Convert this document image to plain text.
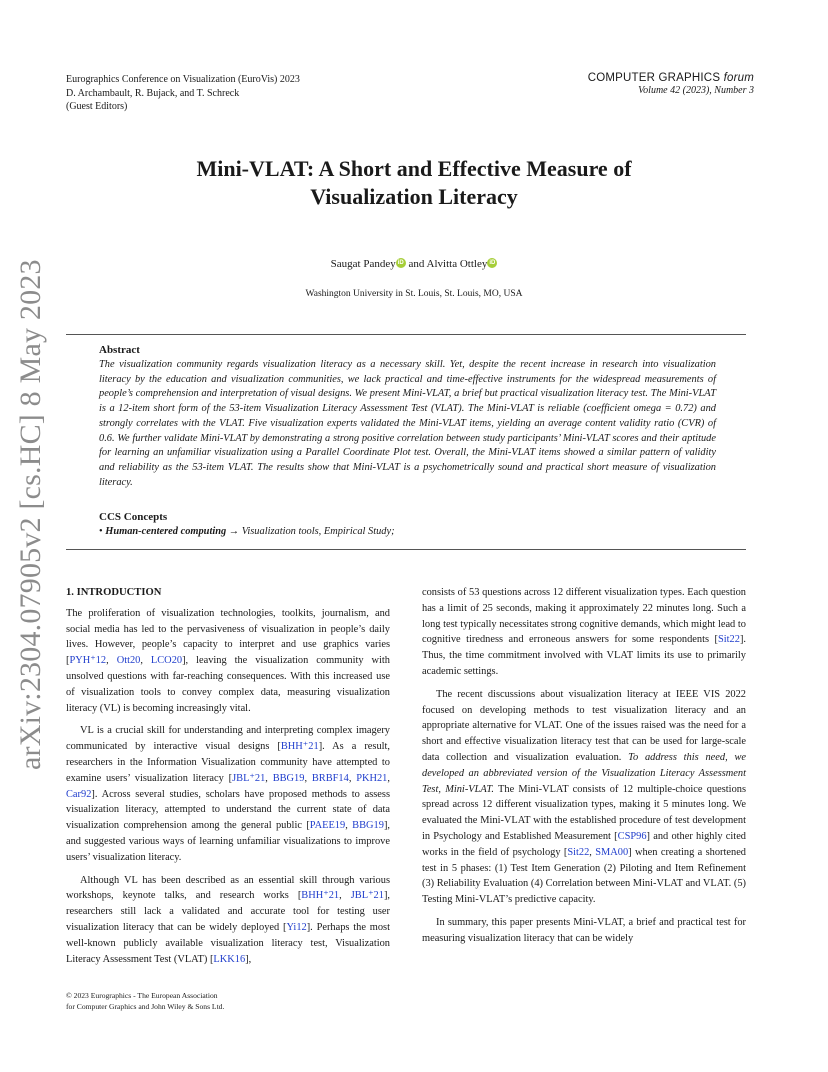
Eurographics Conference on Visualization (EuroVis) 2023
D. Archambault, R. Bujack, and T. Schreck
(Guest Editors)
COMPUTER GRAPHICS forum
Volume 42 (2023), Number 3
arXiv:2304.07905v2 [cs.HC] 8 May 2023
Mini-VLAT: A Short and Effective Measure of
Visualization Literacy
Saugat Pandey iD and Alvitta Ottley iD
Washington University in St. Louis, St. Louis, MO, USA
Abstract
The visualization community regards visualization literacy as a necessary skill. Yet, despite the recent increase in research into visualization literacy by the education and visualization communities, we lack practical and time-effective instruments for the widespread measurements of people’s comprehension and interpretation of visual designs. We present Mini-VLAT, a brief but practical visualization literacy test. The Mini-VLAT is a 12-item short form of the 53-item Visualization Literacy Assessment Test (VLAT). The Mini-VLAT is reliable (coefficient omega = 0.72) and strongly correlates with the VLAT. Five visualization experts validated the Mini-VLAT items, yielding an average content validity ratio (CVR) of 0.6. We further validate Mini-VLAT by demonstrating a strong positive correlation between study participants’ Mini-VLAT scores and their aptitude for learning an unfamiliar visualization using a Parallel Coordinate Plot test. Overall, the Mini-VLAT items showed a similar pattern of validity and reliability as the 53-item VLAT. The results show that Mini-VLAT is a psychometrically sound and practical short measure of visualization literacy.
CCS Concepts
• Human-centered computing → Visualization tools, Empirical Study;
1. INTRODUCTION

The proliferation of visualization technologies, toolkits, journalism, and social media has led to the pervasiveness of visualization in people’s daily lives. However, people’s capacity to interpret and use graphics varies [PYH⁺12, Ott20, LCO20], leaving the visualization community with unsolved questions with far-reaching consequences. With this increased use of visualization tools to convey complex data, measuring visualization literacy (VL) is becoming increasingly vital.

VL is a crucial skill for understanding and interpreting complex imagery communicated by interactive visual designs [BHH⁺21]. As a result, researchers in the Information Visualization community have attempted to examine users’ visualization literacy [JBL⁺21, BBG19, BRBF14, PKH21, Car92]. Across several studies, scholars have proposed methods to assess visualization literacy, attempted to understand the current state of data visualization comprehension among the general public [PAEE19, BBG19], and suggested various ways of learning unfamiliar visualizations to improve users’ visualization literacy.

Although VL has been described as an essential skill through various workshops, keynote talks, and research works [BHH⁺21, JBL⁺21], researchers still lack a validated and accurate tool for testing user visualization literacy that can be widely deployed [Yi12]. Perhaps the most well-known publicly available visualization literacy test, Visualization Literacy Assessment Test (VLAT) [LKK16],

consists of 53 questions across 12 different visualization types. Each question has a limit of 25 seconds, making it approximately 22 minutes long. Such a long test typically necessitates strong cognitive demands, which might lead to cognitive tiredness and erroneous answers for some respondents [Sit22]. Thus, the time commitment involved with VLAT limits its use to primarily academic settings.

The recent discussions about visualization literacy at IEEE VIS 2022 focused on developing methods to test visualization literacy and an appropriate alternative for VLAT. One of the issues raised was the need for a short and effective visualization literacy test that can be used for large-scale data collection and visualization evaluation. To address this need, we developed an abbreviated version of the Visualization Literacy Assessment Test, Mini-VLAT. The Mini-VLAT consists of 12 multiple-choice questions spread across 12 different visualization types, making it 5 minutes long. We evaluated the Mini-VLAT with the established procedure of test development in Psychology and Established Measurement [CSP96] and other highly cited works in the field of psychology [Sit22, SMA00] when creating a shortened test in 5 phases: (1) Test Item Generation (2) Piloting and Item Refinement (3) Reliability Evaluation (4) Correlation between Mini-VLAT and VLAT. (5) Testing Mini-VLAT’s predictive capacity.

In summary, this paper presents Mini-VLAT, a brief and practical test for measuring visualization literacy that can be widely

© 2023 Eurographics - The European Association
for Computer Graphics and John Wiley & Sons Ltd.
